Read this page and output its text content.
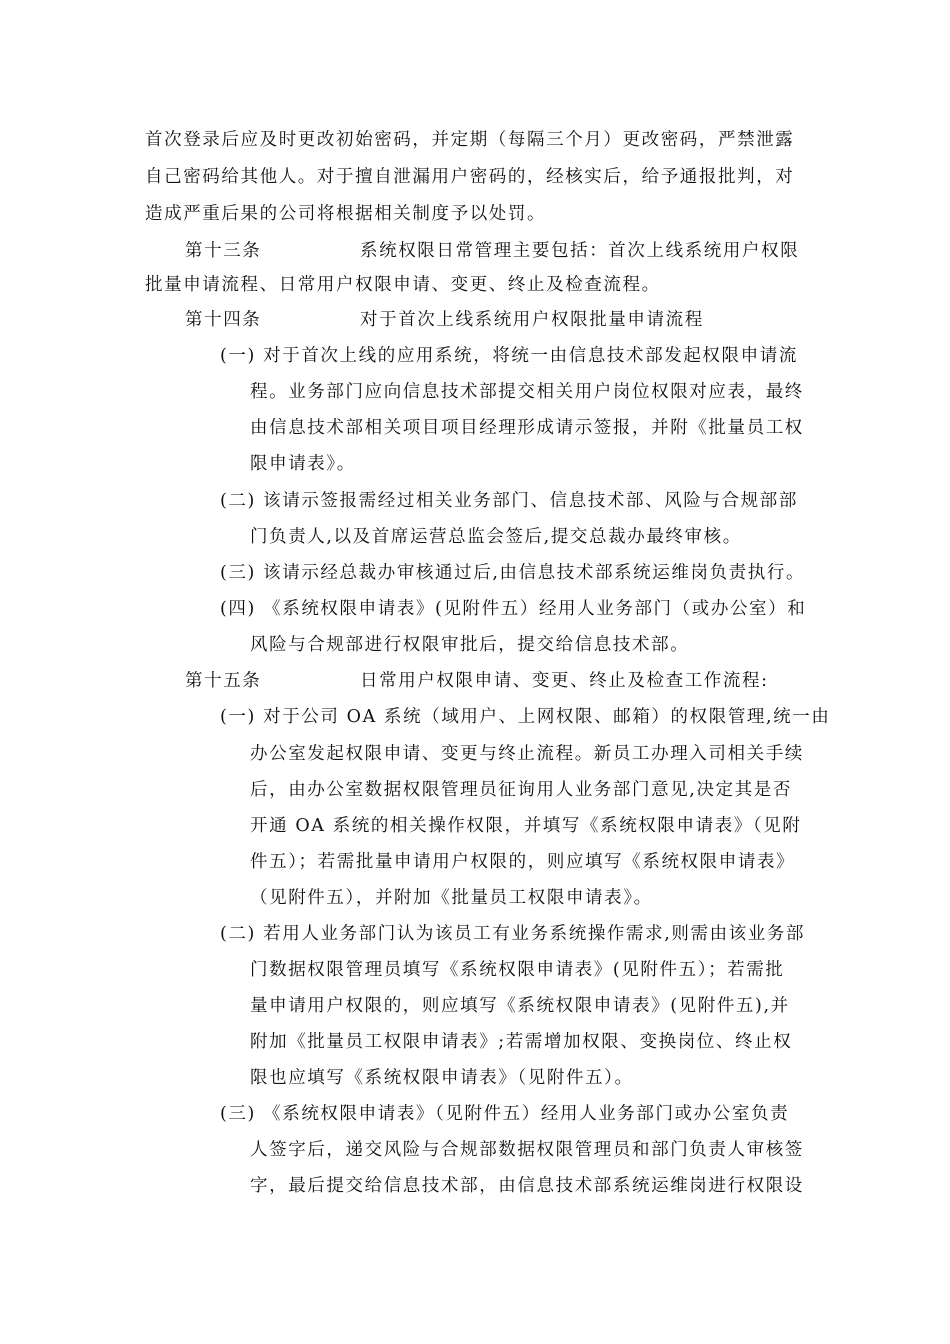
首次登录后应及时更改初始密码，并定期（每隔三个月）更改密码，严禁泄露
自己密码给其他人。对于擅自泄漏用户密码的，经核实后，给予通报批判，对
造成严重后果的公司将根据相关制度予以处罚。
第十三条	系统权限日常管理主要包括：首次上线系统用户权限
批量申请流程、日常用户权限申请、变更、终止及检查流程。
第十四条	对于首次上线系统用户权限批量申请流程
(一) 对于首次上线的应用系统，将统一由信息技术部发起权限申请流
程。业务部门应向信息技术部提交相关用户岗位权限对应表，最终
由信息技术部相关项目项目经理形成请示签报，并附《批量员工权
限申请表》。
(二) 该请示签报需经过相关业务部门、信息技术部、风险与合规部部
门负责人,以及首席运营总监会签后,提交总裁办最终审核。
(三) 该请示经总裁办审核通过后,由信息技术部系统运维岗负责执行。
(四) 《系统权限申请表》(见附件五）经用人业务部门（或办公室）和
风险与合规部进行权限审批后，提交给信息技术部。
第十五条	日常用户权限申请、变更、终止及检查工作流程:
(一) 对于公司 OA 系统（域用户、上网权限、邮箱）的权限管理,统一由
办公室发起权限申请、变更与终止流程。新员工办理入司相关手续
后，由办公室数据权限管理员征询用人业务部门意见,决定其是否
开通 OA 系统的相关操作权限，并填写《系统权限申请表》（见附
件五）；若需批量申请用户权限的，则应填写《系统权限申请表》
（见附件五），并附加《批量员工权限申请表》。
(二) 若用人业务部门认为该员工有业务系统操作需求,则需由该业务部
门数据权限管理员填写《系统权限申请表》(见附件五）；若需批
量申请用户权限的，则应填写《系统权限申请表》(见附件五),并
附加《批量员工权限申请表》;若需增加权限、变换岗位、终止权
限也应填写《系统权限申请表》（见附件五）。
(三) 《系统权限申请表》（见附件五）经用人业务部门或办公室负责
人签字后，递交风险与合规部数据权限管理员和部门负责人审核签
字，最后提交给信息技术部，由信息技术部系统运维岗进行权限设
